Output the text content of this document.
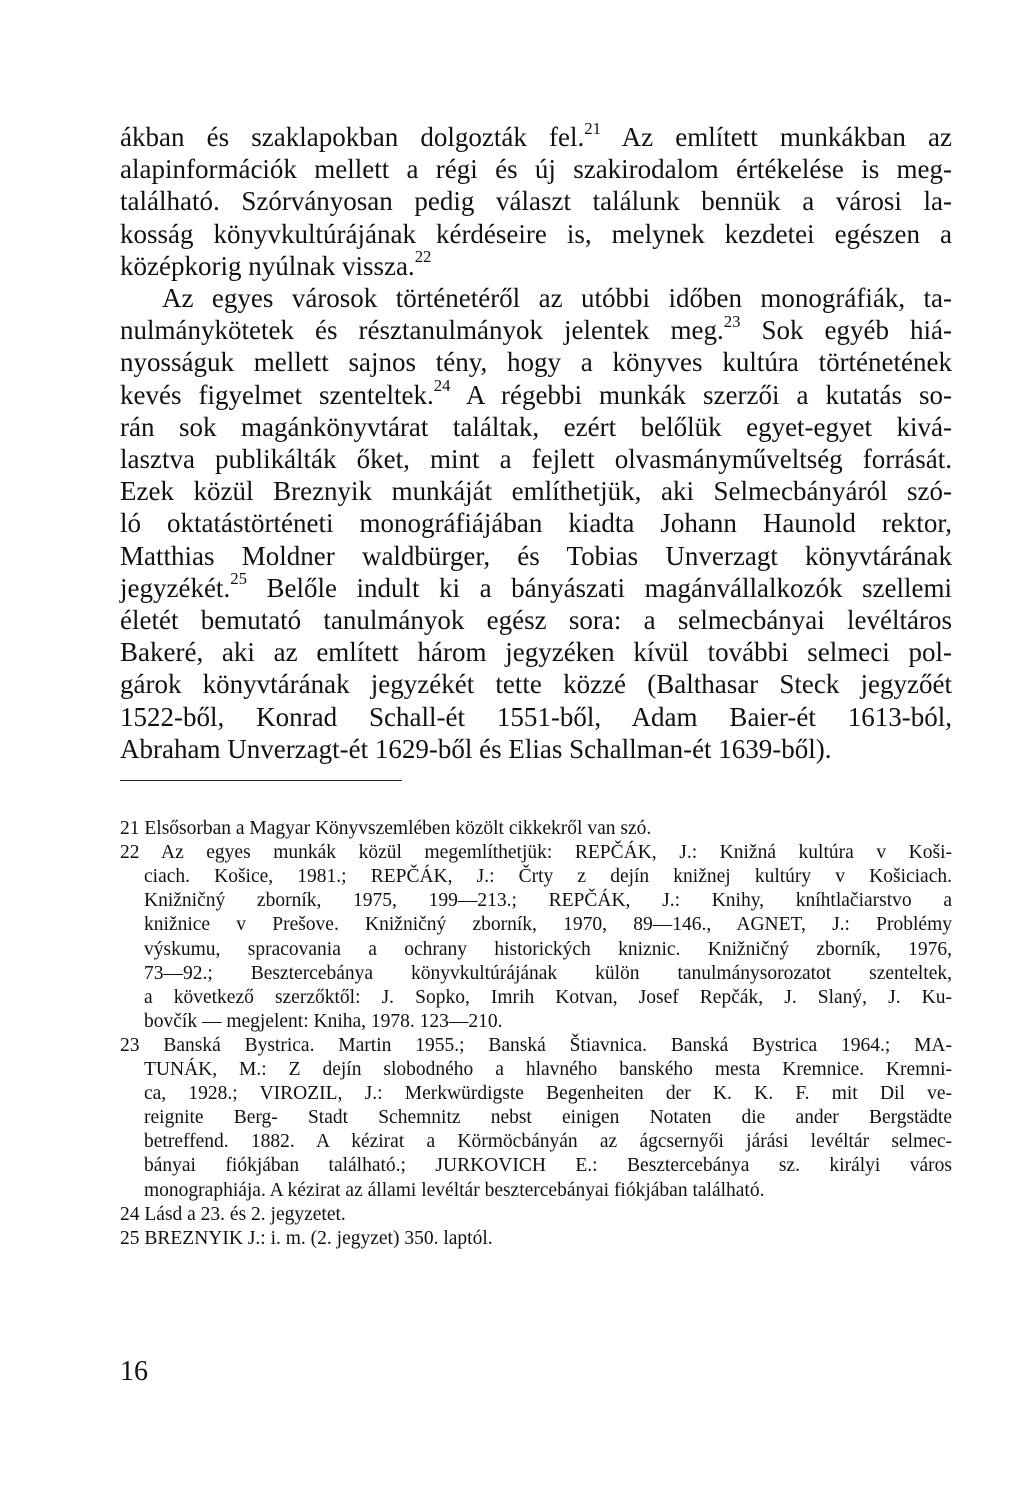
ákban és szaklapokban dolgozták fel.$^{21}$ Az említett munkákban az
alapinformációk mellett a régi és új szakirodalom értékelése is meg-
található. Szórványosan pedig választ találunk bennük a városi la-
kosság könyvkultúrájának kérdéseire is, melynek kezdetei egészen a
középkorig nyúlnak vissza.$^{22}$
Az egyes városok történetéről az utóbbi időben monográfiák, ta-
nulmánykötetek és résztanulmányok jelentek meg.$^{23}$ Sok egyéb hiá-
nyosságuk mellett sajnos tény, hogy a könyves kultúra történetének
kevés figyelmet szenteltek.$^{24}$ A régebbi munkák szerzői a kutatás so-
rán sok magánkönyvtárat találtak, ezért belőlük egyet-egyet kivá-
lasztva publikálták őket, mint a fejlett olvasmányműveltség forrását.
Ezek közül Breznyik munkáját említhetjük, aki Selmecbányáról szó-
ló oktatástörténeti monográfiájában kiadta Johann Haunold rektor,
Matthias Moldner waldbürger, és Tobias Unverzagt könyvtárának
jegyzékét.$^{25}$ Belőle indult ki a bányászati magánvállalkozók szellemi
életét bemutató tanulmányok egész sora: a selmecbányai levéltáros
Bakeré, aki az említett három jegyzéken kívül további selmeci pol-
gárok könyvtárának jegyzékét tette közzé (Balthasar Steck jegyzőét
1522-ből, Konrad Schall-ét 1551-ből, Adam Baier-ét 1613-ból,
Abraham Unverzagt-ét 1629-ből és Elias Schallman-ét 1639-ből).
21 Elsősorban a Magyar Könyvszemlében közölt cikkekről van szó.
22 Az egyes munkák közül megemlíthetjük: REPČÁK, J.: Knižná kultúra v Koši-
ciach. Košice, 1981.; REPČÁK, J.: Črty z dejín knižnej kultúry v Košiciach.
Knižničný zborník, 1975, 199—213.; REPČÁK, J.: Knihy, kníhtlačiarstvo a
knižnice v Prešove. Knižničný zborník, 1970, 89—146., AGNET, J.: Problémy
výskumu, spracovania a ochrany historických kniznic. Knižničný zborník, 1976,
73—92.; Besztercebánya könyvkultúrájának külön tanulmánysorozatot szenteltek,
a következő szerzőktől: J. Sopko, Imrih Kotvan, Josef Repčák, J. Slaný, J. Ku-
bovčík — megjelent: Kniha, 1978. 123—210.
23 Banská Bystrica. Martin 1955.; Banská Štiavnica. Banská Bystrica 1964.; MA-
TUNÁK, M.: Z dejín slobodného a hlavného banského mesta Kremnice. Kremni-
ca, 1928.; VIROZIL, J.: Merkwürdigste Begenheiten der K. K. F. mit Dil ve-
reignite Berg- Stadt Schemnitz nebst einigen Notaten die ander Bergstädte
betreffend. 1882. A kézirat a Körmöcbányán az ágcsernyői járási levéltár selmec-
bányai fiókjában található.; JURKOVICH E.: Besztercebánya sz. királyi város
monographiája. A kézirat az állami levéltár besztercebányai fiókjában található.
24 Lásd a 23. és 2. jegyzetet.
25 BREZNYIK J.: i. m. (2. jegyzet) 350. laptól.
16
